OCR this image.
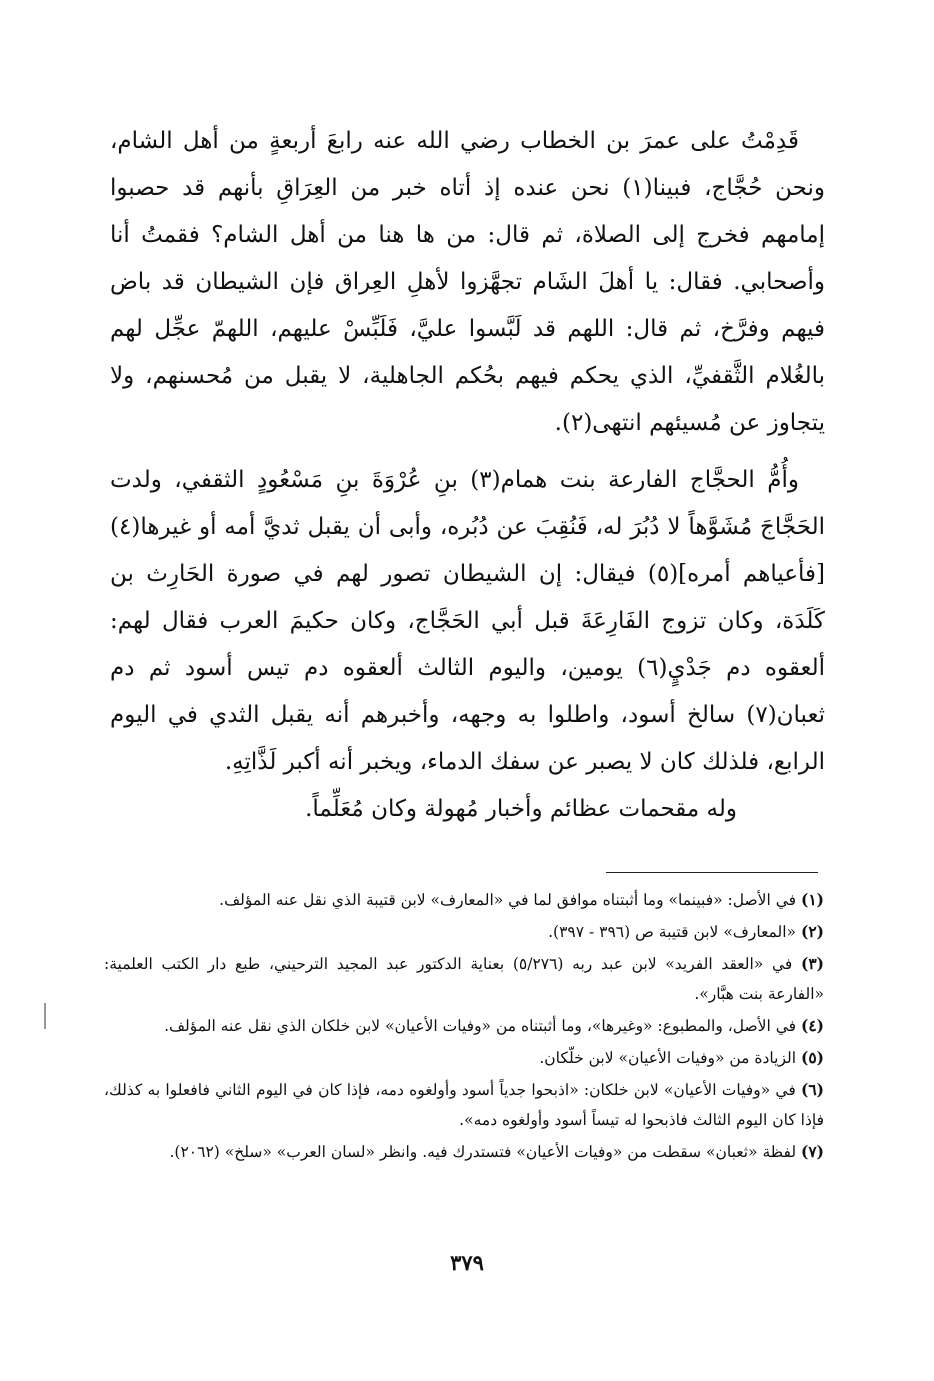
قَدِمْتُ على عمرَ بن الخطاب رضي الله عنه رابعَ أربعةٍ من أهل الشام، ونحن حُجَّاج، فبينا(١) نحن عنده إذ أتاه خبر من العِرَاقِ بأنهم قد حصبوا إمامهم فخرج إلى الصلاة، ثم قال: من ها هنا من أهل الشام؟ فقمتُ أنا وأصحابي. فقال: يا أهلَ الشَام تجهَّزوا لأهلِ العِراق فإن الشيطان قد باض فيهم وفرَّخ، ثم قال: اللهم قد لَبَّسوا عليَّ، فَلَبِّسْ عليهم، اللهمّ عجِّل لهم بالغُلام الثَّقفيِّ، الذي يحكم فيهم بحُكم الجاهلية، لا يقبل من مُحسنهم، ولا يتجاوز عن مُسيئهم انتهى(٢).

وأُمُّ الحجَّاج الفارعة بنت همام(٣) بنِ عُرْوَةَ بنِ مَسْعُودٍ الثقفي، ولدت الحَجَّاجَ مُشَوَّهاً لا دُبُرَ له، فَنُقِبَ عن دُبُره، وأبى أن يقبل ثديَّ أمه أو غيرها(٤) [فأعياهم أمره](٥) فيقال: إن الشيطان تصور لهم في صورة الحَارِث بن كَلَدَة، وكان تزوج الفَارِعَةَ قبل أبي الحَجَّاج، وكان حكيمَ العرب فقال لهم: ألعقوه دم جَدْيٍ(٦) يومين، واليوم الثالث ألعقوه دم تيس أسود ثم دم ثعبان(٧) سالخ أسود، واطلوا به وجهه، وأخبرهم أنه يقبل الثدي في اليوم الرابع، فلذلك كان لا يصبر عن سفك الدماء، ويخبر أنه أكبر لَذَّاتِهِ.

وله مقحمات عظائم وأخبار مُهولة وكان مُعَلِّماً.

(١) في الأصل: «فبينما» وما أثبتناه موافق لما في «المعارف» لابن قتيبة الذي نقل عنه المؤلف.

(٢) «المعارف» لابن قتيبة ص (٣٩٦ - ٣٩٧).

(٣) في «العقد الفريد» لابن عبد ربه (٥/٢٧٦) بعناية الدكتور عبد المجيد الترحيني، طبع دار الكتب العلمية: «الفارعة بنت هبَّار».

(٤) في الأصل، والمطبوع: «وغيرها»، وما أثبتناه من «وفيات الأعيان» لابن خلكان الذي نقل عنه المؤلف.

(٥) الزيادة من «وفيات الأعيان» لابن خلّكان.

(٦) في «وفيات الأعيان» لابن خلكان: «اذبحوا جدياً أسود وأولغوه دمه، فإذا كان في اليوم الثاني فافعلوا به كذلك، فإذا كان اليوم الثالث فاذبحوا له تيساً أسود وأولغوه دمه».

(٧) لفظة «ثعبان» سقطت من «وفيات الأعيان» فتستدرك فيه. وانظر «لسان العرب» «سلخ» (٢٠٦٢).

٣٧٩
